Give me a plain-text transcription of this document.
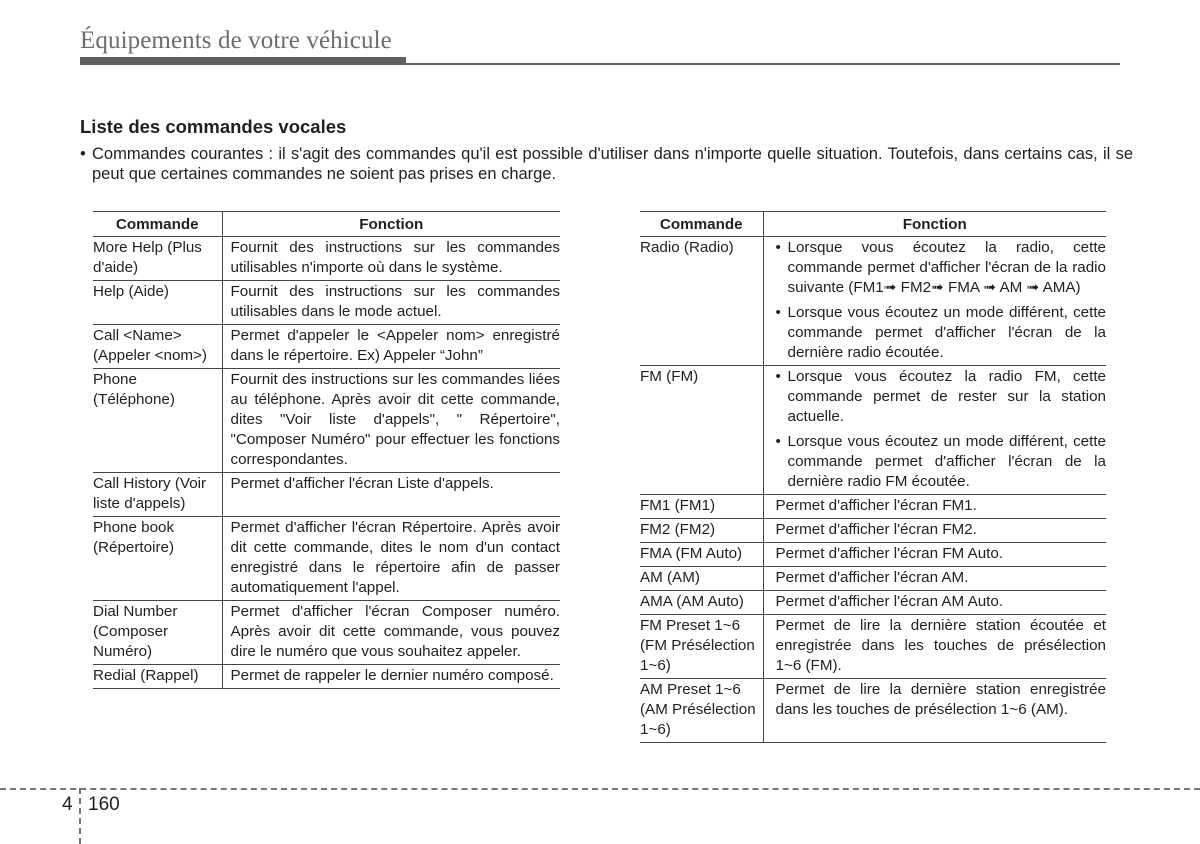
Équipements de votre véhicule
Liste des commandes vocales
• Commandes courantes : il s'agit des commandes qu'il est possible d'utiliser dans n'importe quelle situation. Toutefois, dans certains cas, il se peut que certaines commandes ne soient pas prises en charge.
Commande	Fonction
More Help (Plus d'aide)	Fournit des instructions sur les commandes utilisables n'importe où dans le système.
Help (Aide)	Fournit des instructions sur les commandes utilisables dans le mode actuel.
Call <Name> (Appeler <nom>)	Permet d'appeler le <Appeler nom> enregistré dans le répertoire. Ex) Appeler “John”
Phone (Téléphone)	Fournit des instructions sur les commandes liées au téléphone. Après avoir dit cette commande, dites "Voir liste d'appels", " Répertoire", "Composer Numéro" pour effectuer les fonctions correspondantes.
Call History (Voir liste d'appels)	Permet d'afficher l'écran Liste d'appels.
Phone book (Répertoire)	Permet d'afficher l'écran Répertoire. Après avoir dit cette commande, dites le nom d'un contact enregistré dans le répertoire afin de passer automatiquement l'appel.
Dial Number (Composer Numéro)	Permet d'afficher l'écran Composer numéro. Après avoir dit cette commande, vous pouvez dire le numéro que vous souhaitez appeler.
Redial (Rappel)	Permet de rappeler le dernier numéro composé.
Commande	Fonction
Radio (Radio)	• Lorsque vous écoutez la radio, cette commande permet d'afficher l'écran de la radio suivante (FM1➟ FM2➟ FMA ➟ AM ➟ AMA)
• Lorsque vous écoutez un mode différent, cette commande permet d'afficher l'écran de la dernière radio écoutée.

FM (FM)	• Lorsque vous écoutez la radio FM, cette commande permet de rester sur la station actuelle.
• Lorsque vous écoutez un mode différent, cette commande permet d'afficher l'écran de la dernière radio FM écoutée.

FM1 (FM1)	Permet d'afficher l'écran FM1.
FM2 (FM2)	Permet d'afficher l'écran FM2.
FMA (FM Auto)	Permet d'afficher l'écran FM Auto.
AM (AM)	Permet d'afficher l'écran AM.
AMA (AM Auto)	Permet d'afficher l'écran AM Auto.
FM Preset 1~6 (FM Présélection 1~6)	Permet de lire la dernière station écoutée et enregistrée dans les touches de présélection 1~6 (FM).
AM Preset 1~6 (AM Présélection 1~6)	Permet de lire la dernière station enregistrée dans les touches de présélection 1~6 (AM).
4 160
